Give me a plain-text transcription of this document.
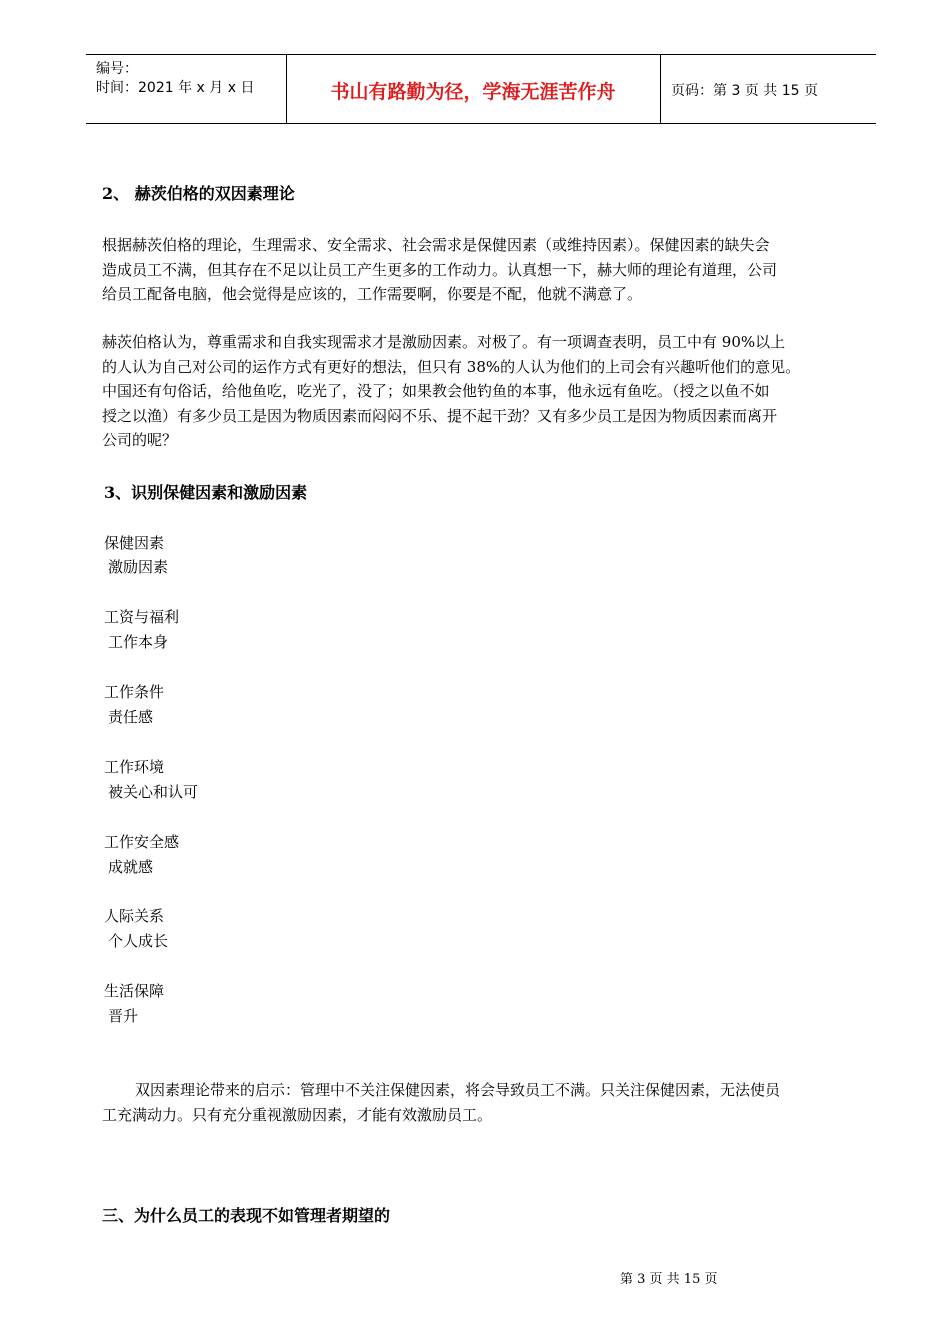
编号：
时间：2021 年 x 月 x 日	书山有路勤为径，学海无涯苦作舟	页码：第 3 页 共 15 页
2、 赫茨伯格的双因素理论
根据赫茨伯格的理论，生理需求、安全需求、社会需求是保健因素（或维持因素）。保健因素的缺失会
造成员工不满，但其存在不足以让员工产生更多的工作动力。认真想一下，赫大师的理论有道理，公司
给员工配备电脑，他会觉得是应该的，工作需要啊，你要是不配，他就不满意了。
赫茨伯格认为，尊重需求和自我实现需求才是激励因素。对极了。有一项调查表明，员工中有 90%以上
的人认为自己对公司的运作方式有更好的想法，但只有 38%的人认为他们的上司会有兴趣听他们的意见。
中国还有句俗话，给他鱼吃，吃光了，没了；如果教会他钓鱼的本事，他永远有鱼吃。（授之以鱼不如
授之以渔）有多少员工是因为物质因素而闷闷不乐、提不起干劲？又有多少员工是因为物质因素而离开
公司的呢？
3、识别保健因素和激励因素
保健因素
激励因素
工资与福利
工作本身
工作条件
责任感
工作环境
被关心和认可
工作安全感
成就感
人际关系
个人成长
生活保障
晋升
双因素理论带来的启示：管理中不关注保健因素，将会导致员工不满。只关注保健因素，无法使员
工充满动力。只有充分重视激励因素，才能有效激励员工。
三、为什么员工的表现不如管理者期望的
第 3 页 共 15 页
